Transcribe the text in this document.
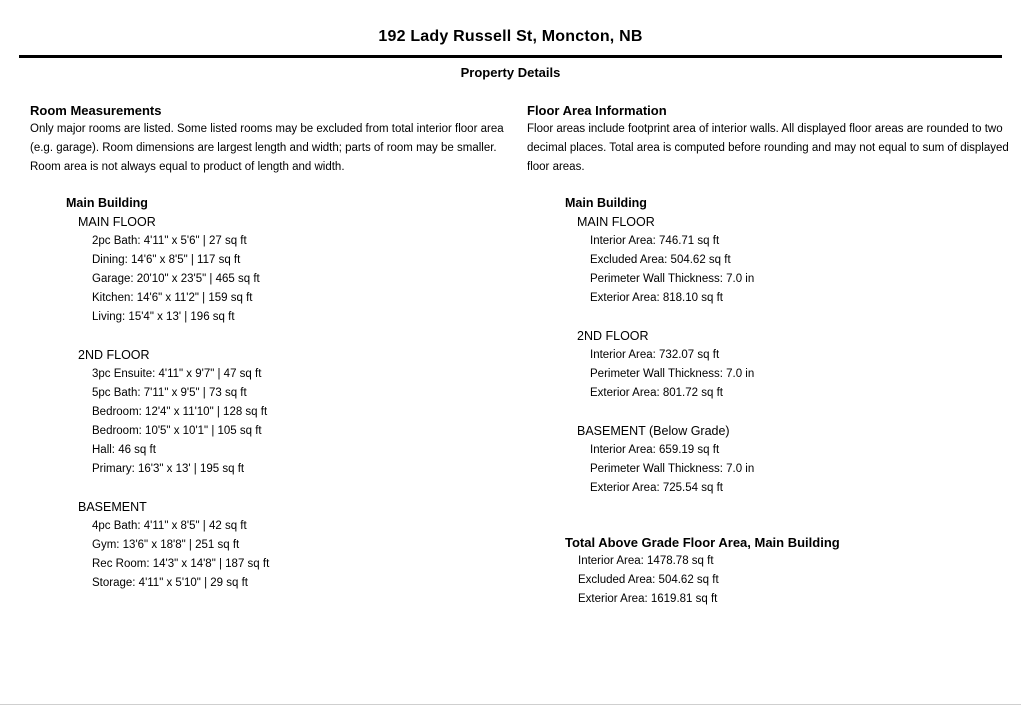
192 Lady Russell St, Moncton, NB
Property Details
Room Measurements
Only major rooms are listed. Some listed rooms may be excluded from total interior floor area
(e.g. garage). Room dimensions are largest length and width; parts of room may be smaller.
Room area is not always equal to product of length and width.
Main Building
MAIN FLOOR
2pc Bath: 4'11" x 5'6" | 27 sq ft
Dining: 14'6" x 8'5" | 117 sq ft
Garage: 20'10" x 23'5" | 465 sq ft
Kitchen: 14'6" x 11'2" | 159 sq ft
Living: 15'4" x 13' | 196 sq ft
2ND FLOOR
3pc Ensuite: 4'11" x 9'7" | 47 sq ft
5pc Bath: 7'11" x 9'5" | 73 sq ft
Bedroom: 12'4" x 11'10" | 128 sq ft
Bedroom: 10'5" x 10'1" | 105 sq ft
Hall: 46 sq ft
Primary: 16'3" x 13' | 195 sq ft
BASEMENT
4pc Bath: 4'11" x 8'5" | 42 sq ft
Gym: 13'6" x 18'8" | 251 sq ft
Rec Room: 14'3" x 14'8" | 187 sq ft
Storage: 4'11" x 5'10" | 29 sq ft
Floor Area Information
Floor areas include footprint area of interior walls. All displayed floor areas are rounded to two
decimal places. Total area is computed before rounding and may not equal to sum of displayed
floor areas.
Main Building
MAIN FLOOR
Interior Area: 746.71 sq ft
Excluded Area: 504.62 sq ft
Perimeter Wall Thickness: 7.0 in
Exterior Area: 818.10 sq ft
2ND FLOOR
Interior Area: 732.07 sq ft
Perimeter Wall Thickness: 7.0 in
Exterior Area: 801.72 sq ft
BASEMENT (Below Grade)
Interior Area: 659.19 sq ft
Perimeter Wall Thickness: 7.0 in
Exterior Area: 725.54 sq ft
Total Above Grade Floor Area, Main Building
Interior Area: 1478.78 sq ft
Excluded Area: 504.62 sq ft
Exterior Area: 1619.81 sq ft
